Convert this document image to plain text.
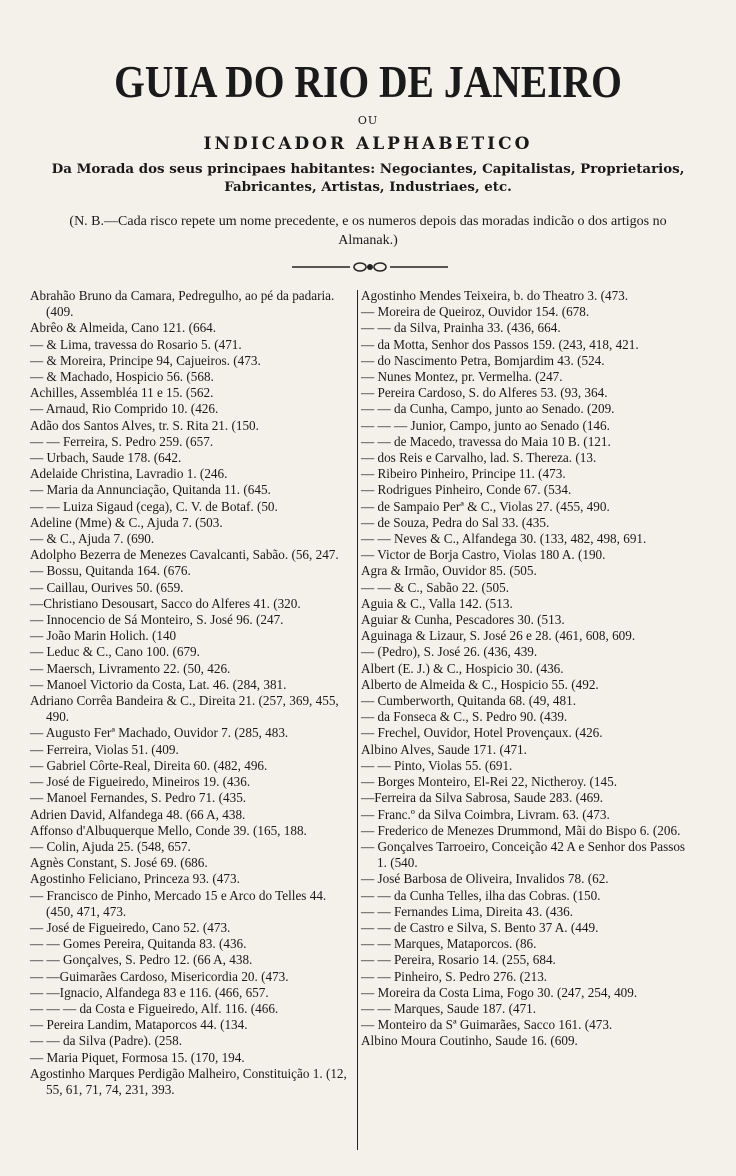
GUIA DO RIO DE JANEIRO
OU
INDICADOR ALPHABETICO
Da Morada dos seus principaes habitantes: Negociantes, Capitalistas, Proprietarios, Fabricantes, Artistas, Industriaes, etc.
(N. B.—Cada risco repete um nome precedente, e os numeros depois das moradas indicão o dos artigos no Almanak.)
Abrahão Bruno da Camara, Pedregulho, ao pé da padaria. (409.
Abrêo & Almeida, Cano 121. (664.
— & Lima, travessa do Rosario 5. (471.
— & Moreira, Principe 94, Cajueiros. (473.
— & Machado, Hospicio 56. (568.
Achilles, Assembléa 11 e 15. (562.
— Arnaud, Rio Comprido 10. (426.
Adão dos Santos Alves, tr. S. Rita 21. (150.
— — Ferreira, S. Pedro 259. (657.
— Urbach, Saude 178. (642.
Adelaide Christina, Lavradio 1. (246.
— Maria da Annunciação, Quitanda 11. (645.
— — Luiza Sigaud (cega), C. V. de Botaf. (50.
Adeline (Mme) & C., Ajuda 7. (503.
— & C., Ajuda 7. (690.
Adolpho Bezerra de Menezes Cavalcanti, Sabão. (56, 247.
— Bossu, Quitanda 164. (676.
— Caillau, Ourives 50. (659.
—Christiano Desousart, Sacco do Alferes 41. (320.
— Innocencio de Sá Monteiro, S. José 96. (247.
— João Marin Holich. (140
— Leduc & C., Cano 100. (679.
— Maersch, Livramento 22. (50, 426.
— Manoel Victorio da Costa, Lat. 46. (284, 381.
Adriano Corrêa Bandeira & C., Direita 21. (257, 369, 455, 490.
— Augusto Ferª Machado, Ouvidor 7. (285, 483.
— Ferreira, Violas 51. (409.
— Gabriel Côrte-Real, Direita 60. (482, 496.
— José de Figueiredo, Mineiros 19. (436.
— Manoel Fernandes, S. Pedro 71. (435.
Adrien David, Alfandega 48. (66 A, 438.
Affonso d'Albuquerque Mello, Conde 39. (165, 188.
— Colin, Ajuda 25. (548, 657.
Agnès Constant, S. José 69. (686.
Agostinho Feliciano, Princeza 93. (473.
— Francisco de Pinho, Mercado 15 e Arco do Telles 44. (450, 471, 473.
— José de Figueiredo, Cano 52. (473.
— — Gomes Pereira, Quitanda 83. (436.
— — Gonçalves, S. Pedro 12. (66 A, 438.
— —Guimarães Cardoso, Misericordia 20. (473.
— —Ignacio, Alfandega 83 e 116. (466, 657.
— — — da Costa e Figueiredo, Alf. 116. (466.
— Pereira Landim, Mataporcos 44. (134.
— — da Silva (Padre). (258.
— Maria Piquet, Formosa 15. (170, 194.
Agostinho Marques Perdigão Malheiro, Constituição 1. (12, 55, 61, 71, 74, 231, 393.
Agostinho Mendes Teixeira, b. do Theatro 3. (473.
— Moreira de Queiroz, Ouvidor 154. (678.
— — da Silva, Prainha 33. (436, 664.
— da Motta, Senhor dos Passos 159. (243, 418, 421.
— do Nascimento Petra, Bomjardim 43. (524.
— Nunes Montez, pr. Vermelha. (247.
— Pereira Cardoso, S. do Alferes 53. (93, 364.
— — da Cunha, Campo, junto ao Senado. (209.
— — — Junior, Campo, junto ao Senado (146.
— — de Macedo, travessa do Maia 10 B. (121.
— dos Reis e Carvalho, lad. S. Thereza. (13.
— Ribeiro Pinheiro, Principe 11. (473.
— Rodrigues Pinheiro, Conde 67. (534.
— de Sampaio Perª & C., Violas 27. (455, 490.
— de Souza, Pedra do Sal 33. (435.
— — Neves & C., Alfandega 30. (133, 482, 498, 691.
— Victor de Borja Castro, Violas 180 A. (190.
Agra & Irmão, Ouvidor 85. (505.
— — & C., Sabão 22. (505.
Aguia & C., Valla 142. (513.
Aguiar & Cunha, Pescadores 30. (513.
Aguinaga & Lizaur, S. José 26 e 28. (461, 608, 609.
— (Pedro), S. José 26. (436, 439.
Albert (E. J.) & C., Hospicio 30. (436.
Alberto de Almeida & C., Hospicio 55. (492.
— Cumberworth, Quitanda 68. (49, 481.
— da Fonseca & C., S. Pedro 90. (439.
— Frechel, Ouvidor, Hotel Provençaux. (426.
Albino Alves, Saude 171. (471.
— — Pinto, Violas 55. (691.
— Borges Monteiro, El-Rei 22, Nictheroy. (145.
—Ferreira da Silva Sabrosa, Saude 283. (469.
— Franc.º da Silva Coimbra, Livram. 63. (473.
— Frederico de Menezes Drummond, Mãi do Bispo 6. (206.
— Gonçalves Tarroeiro, Conceição 42 A e Senhor dos Passos 1. (540.
— José Barbosa de Oliveira, Invalidos 78. (62.
— — da Cunha Telles, ilha das Cobras. (150.
— — Fernandes Lima, Direita 43. (436.
— — de Castro e Silva, S. Bento 37 A. (449.
— — Marques, Mataporcos. (86.
— — Pereira, Rosario 14. (255, 684.
— — Pinheiro, S. Pedro 276. (213.
— Moreira da Costa Lima, Fogo 30. (247, 254, 409.
— — Marques, Saude 187. (471.
— Monteiro da Sª Guimarães, Sacco 161. (473.
Albino Moura Coutinho, Saude 16. (609.
